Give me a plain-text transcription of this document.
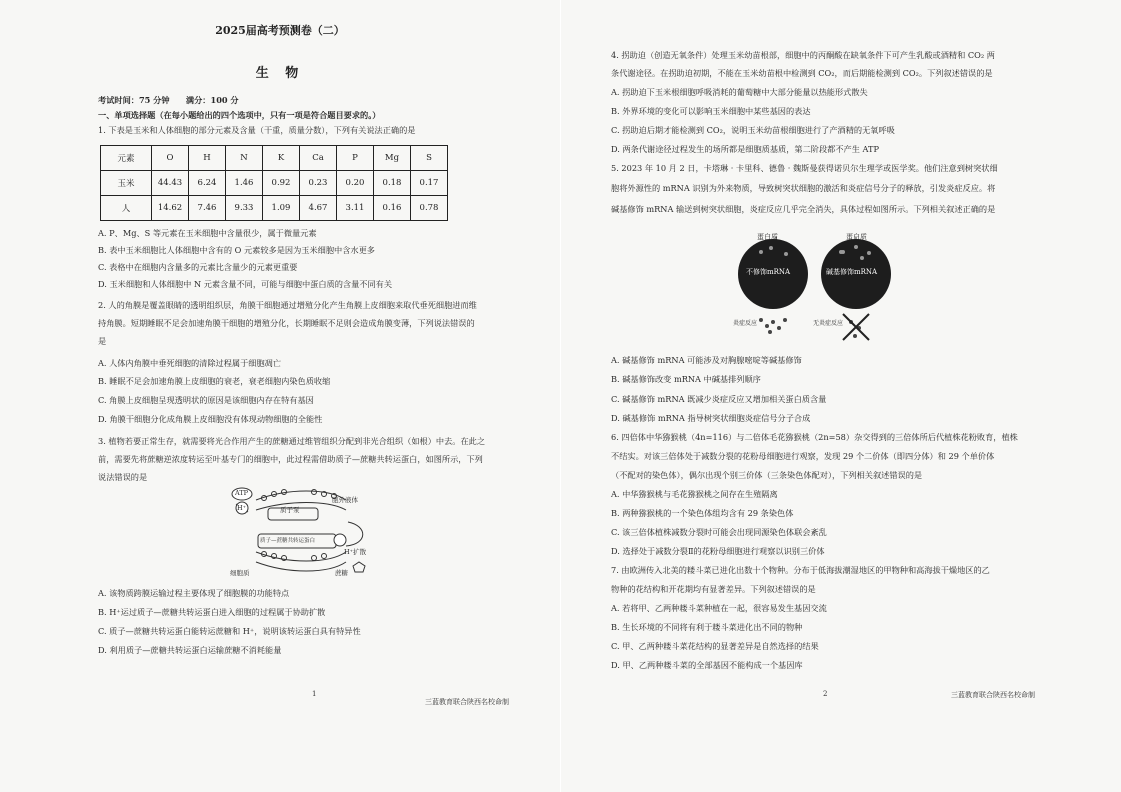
2025届高考预测卷（二）
生 物
考试时间：75 分钟　　满分：100 分
一、单项选择题（在每小题给出的四个选项中，只有一项是符合题目要求的。）
1. 下表是玉米和人体细胞的部分元素及含量（干重，质量分数），下列有关说法正确的是
元素	O	H	N	K	Ca	P	Mg	S
玉米	44.43	6.24	1.46	0.92	0.23	0.20	0.18	0.17
人	14.62	7.46	9.33	1.09	4.67	3.11	0.16	0.78
A. P、Mg、S 等元素在玉米细胞中含量很少，属于微量元素
B. 表中玉米细胞比人体细胞中含有的 O 元素较多是因为玉米细胞中含水更多
C. 表格中在细胞内含量多的元素比含量少的元素更重要
D. 玉米细胞和人体细胞中 N 元素含量不同，可能与细胞中蛋白质的含量不同有关
2. 人的角膜是覆盖眼睛的透明组织层，角膜干细胞通过增殖分化产生角膜上皮细胞来取代垂死细胞进而维
持角膜。短期睡眠不足会加速角膜干细胞的增殖分化，长期睡眠不足则会造成角膜变薄，下列说法错误的
是
A. 人体内角膜中垂死细胞的清除过程属于细胞凋亡
B. 睡眠不足会加速角膜上皮细胞的衰老，衰老细胞内染色质收缩
C. 角膜上皮细胞呈现透明状的原因是该细胞内存在特有基因
D. 角膜干细胞分化成角膜上皮细胞没有体现动物细胞的全能性
3. 植物若要正常生存，就需要将光合作用产生的蔗糖通过维管组织分配到非光合组织（如根）中去。在此之
前，需要先将蔗糖逆浓度转运至叶基专门的细胞中，此过程需借助质子—蔗糖共转运蛋白，如图所示，下列
说法错误的是
ATP
H⁺	质子泵
胞外液体
质子—蔗糖共转运蛋白
H⁺扩散
细胞质	蔗糖
A. 该物质跨膜运输过程主要体现了细胞膜的功能特点
B. H⁺运过质子—蔗糖共转运蛋白进入细胞的过程属于协助扩散
C. 质子—蔗糖共转运蛋白能转运蔗糖和 H⁺，说明该转运蛋白具有特异性
D. 利用质子—蔗糖共转运蛋白运输蔗糖不消耗能量
1
三蓝教育联合陕西名校命制
4. 拐助迫（创造无氧条件）处理玉米幼苗根部，细胞中的丙酮酸在缺氧条件下可产生乳酸或酒精和 CO₂ 两
条代谢途径。在拐助迫初期，不能在玉米幼苗根中检测到 CO₂，而后期能检测到 CO₂。下列叙述错误的是
A. 拐助迫下玉米根细胞呼吸消耗的葡萄糖中大部分能量以热能形式散失
B. 外界环境的变化可以影响玉米细胞中某些基因的表达
C. 拐助迫后期才能检测到 CO₂，说明玉米幼苗根细胞进行了产酒精的无氧呼吸
D. 两条代谢途径过程发生的场所都是细胞质基质，第二阶段都不产生 ATP
5. 2023 年 10 月 2 日，卡塔琳 · 卡里科、德鲁 · 魏斯曼获得诺贝尔生理学或医学奖。他们注意到树突状细
胞将外源性的 mRNA 识别为外来物质，导致树突状细胞的激活和炎症信号分子的释放，引发炎症反应。将
碱基修饰 mRNA 输送到树突状细胞，炎症反应几乎完全消失，具体过程如图所示。下列相关叙述正确的是
蛋白质	蛋白质
不修饰mRNA	碱基修饰mRNA
炎症反应	无炎症反应
A. 碱基修饰 mRNA 可能涉及对胸腺嘧啶等碱基修饰
B. 碱基修饰改变 mRNA 中碱基排列顺序
C. 碱基修饰 mRNA 既减少炎症反应又增加相关蛋白质含量
D. 碱基修饰 mRNA 指导树突状细胞炎症信号分子合成
6. 四倍体中华猕猴桃（4n=116）与二倍体毛花猕猴桃（2n=58）杂交得到的三倍体所后代植株花粉败育，植株
不结实。对该三倍体处于减数分裂的花粉母细胞进行观察，发现 29 个二价体（即四分体）和 29 个单价体
（不配对的染色体），偶尔出现个别三价体（三条染色体配对），下列相关叙述错误的是
A. 中华猕猴桃与毛花猕猴桃之间存在生殖隔离
B. 两种猕猴桃的一个染色体组均含有 29 条染色体
C. 该三倍体植株减数分裂时可能会出现同源染色体联会紊乱
D. 选择处于减数分裂Ⅱ的花粉母细胞进行观察以识别三价体
7. 由欧洲传入北美的耧斗菜已进化出数十个物种。分布于低海拔潮湿地区的甲物种和高海拔干燥地区的乙
物种的花结构和开花期均有显著差异。下列叙述错误的是
A. 若将甲、乙两种耧斗菜种植在一起，很容易发生基因交流
B. 生长环境的不同将有利于耧斗菜进化出不同的物种
C. 甲、乙两种耧斗菜花结构的显著差异是自然选择的结果
D. 甲、乙两种耧斗菜的全部基因不能构成一个基因库
2	三蓝教育联合陕西名校命制
